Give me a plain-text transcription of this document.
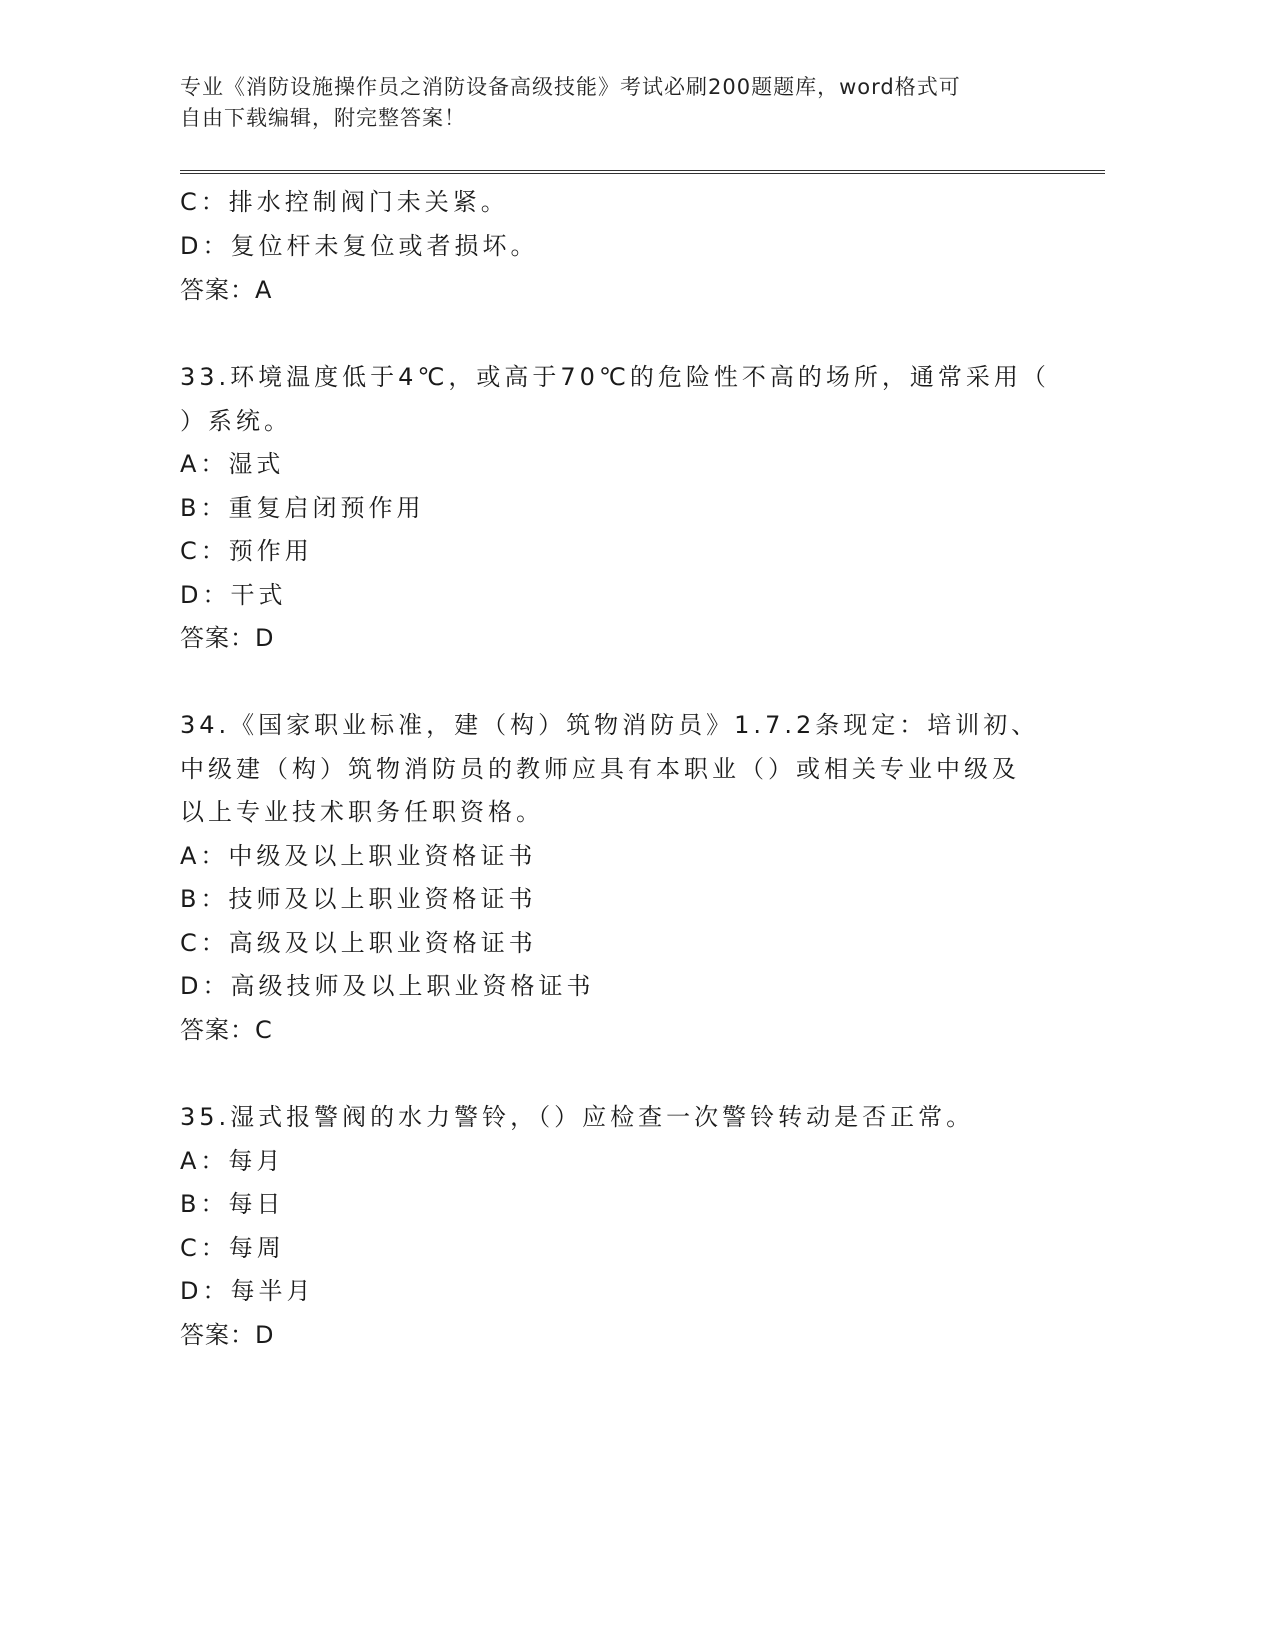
专业《消防设施操作员之消防设备高级技能》考试必刷200题题库，word格式可
自由下载编辑，附完整答案！
C：排水控制阀门未关紧。
D：复位杆未复位或者损坏。
答案：A
33.环境温度低于4℃，或高于70℃的危险性不高的场所，通常采用（
）系统。
A：湿式
B：重复启闭预作用
C：预作用
D：干式
答案：D
34.《国家职业标准，建（构）筑物消防员》1.7.2条现定：培训初、
中级建（构）筑物消防员的教师应具有本职业（）或相关专业中级及
以上专业技术职务任职资格。
A：中级及以上职业资格证书
B：技师及以上职业资格证书
C：高级及以上职业资格证书
D：高级技师及以上职业资格证书
答案：C
35.湿式报警阀的水力警铃，（）应检查一次警铃转动是否正常。
A：每月
B：每日
C：每周
D：每半月
答案：D
